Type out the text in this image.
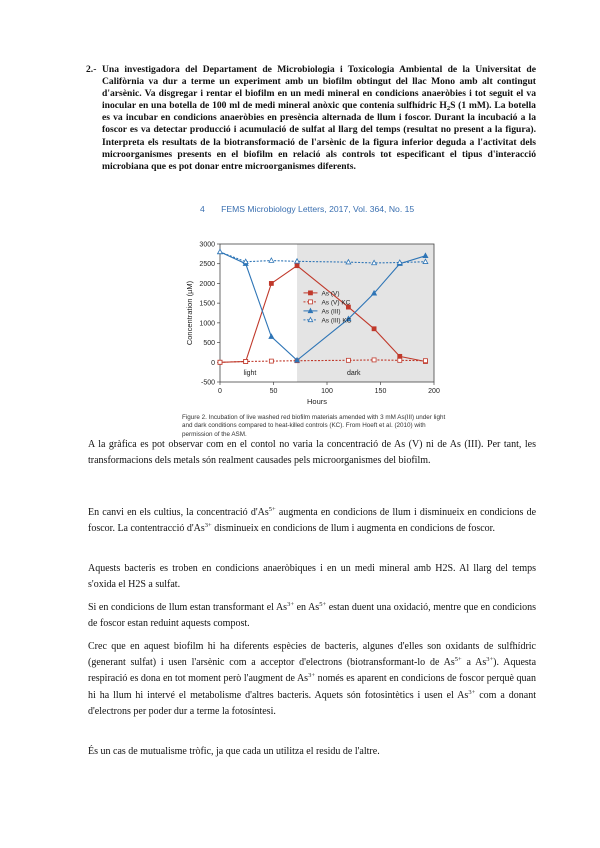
2.- Una investigadora del Departament de Microbiologia i Toxicologia Ambiental de la Universitat de Califòrnia va dur a terme un experiment amb un biofilm obtingut del llac Mono amb alt contingut d'arsènic. Va disgregar i rentar el biofilm en un medi mineral en condicions anaeròbies i tot seguit el va inocular en una botella de 100 ml de medi mineral anòxic que contenia sulfhídric $H_2S$ (1 mM). La botella es va incubar en condicions anaeròbies en presència alternada de llum i foscor. Durant la incubació a la foscor es va detectar producció i acumulació de sulfat al llarg del temps (resultat no present a la figura). Interpreta els resultats de la biotransformació de l'arsènic de la figura inferior deguda a l'activitat dels microorganismes presents en el biofilm en relació als controls tot especificant el tipus d'interacció microbiana que es pot donar entre microorganismes diferents.
4 FEMS Microbiology Letters, 2017, Vol. 364, No. 15
3000
2500
2000
1500
1000
500
0
-500
0	50	100	150	200
Hours
Concentration (µM)
light	dark
As (V)
As (V) KC
As (III)
As (III) KC
Figure 2. Incubation of live washed red biofilm materials amended with 3 mM As(III) under light and dark conditions compared to heat-killed controls (KC). From Hoeft et al. (2010) with permission of the ASM.
A la gràfica es pot observar com en el contol no varia la concentració de As (V) ni de As (III). Per tant, les transformacions dels metals són realment causades pels microorganismes del biofilm.
En canvi en els cultius, la concentració $d'As^{5+}$ augmenta en condicions de llum i disminueix en condicions de foscor. La contentracció $d'As^{3+}$ disminueix en condicions de llum i augmenta en condicions de foscor.
Aquests bacteris es troben en condicions anaeròbiques i en un medi mineral amb H2S. Al llarg del temps s'oxida el H2S a sulfat.
Si en condicions de llum estan transformant el $As^{3+}$ en $As^{5+}$ estan duent una oxidació, mentre que en condicions de foscor estan reduint aquests compost.
Crec que en aquest biofilm hi ha diferents espècies de bacteris, algunes d'elles son oxidants de sulfhídric (generant sulfat) i usen l'arsènic com a acceptor d'electrons (biotransformant-lo de $As^{5+}$ a $As^{3+}$). Aquesta respiració es dona en tot moment però l'augment de $As^{3+}$ només es aparent en condicions de foscor perquè quan hi ha llum hi intervé el metabolisme d'altres bacteris. Aquets són fotosintètics i usen el $As^{3+}$ com a donant d'electrons per poder dur a terme la fotosíntesi.
És un cas de mutualisme tròfic, ja que cada un utilitza el residu de l'altre.
